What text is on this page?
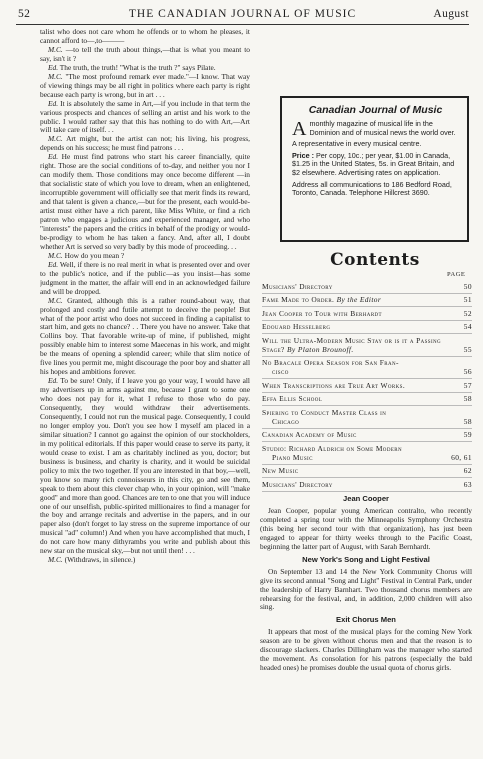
52	THE CANADIAN JOURNAL OF MUSIC	August

talist who does not care whom he offends or to whom he pleases, it cannot afford to—,to———

M.C. —to tell the truth about things,—that is what you meant to say, isn't it ?

Ed. The truth, the truth! "What is the truth ?" says Pilate.

M.C. "The most profound remark ever made."—I know. That way of viewing things may be all right in politics where each party is right because each party is wrong, but in art . . .

Ed. It is absolutely the same in Art,—if you include in that term the various prospects and chances of selling an artist and his work to the public. I would rather say that this has nothing to do with Art,—Art will take care of itself. . .

M.C. Art might, but the artist can not; his living, his progress, depends on his success; he must find patrons . . .

Ed. He must find patrons who start his career financially, quite right. Those are the social conditions of to-day, and neither you nor I can modify them. Those conditions may once become different —in that socialistic state of which you love to dream, when an enlightened, incorruptible government will officially see that merit finds its reward, and that talent is given a chance,—but for the present, each would-be-artist must either have a rich parent, like Miss White, or find a rich patron who engages a judicious and experienced manager, and who "interests" the papers and the critics in behalf of the prodigy or would-be-prodigy to whom he has taken a fancy. And, after all, I doubt whether Art is served so very badly by this mode of proceeding. . .

M.C. How do you mean ?

Ed. Well, if there is no real merit in what is presented over and over to the public's notice, and if the public—as you insist—has some judgment in the matter, the affair will end in an acknowledged failure and will be dropped.

M.C. Granted, although this is a rather round-about way, that prolonged and costly and futile attempt to deceive the people! But what of the poor artist who does not succeed in finding a capitalist to start him, and gets no chance? . . There you have no answer. Take that Collins boy. That favorable write-up of mine, if published, might possibly enable him to interest some Maecenas in his work, and might be the means of opening a splendid career; while that slim notice of five lines you permit me, might discourage the poor boy and shatter all his hopes and ambitions forever.

Ed. To be sure! Only, if I leave you go your way, I would have all my advertisers up in arms against me, because I grant to some one who does not pay for it, what I refuse to those who do pay. Consequently, they would withdraw their advertisements. Consequently, I could not run the musical page. Consequently, I could no longer employ you. Don't you see how I myself am placed in a similar situation? I cannot go against the opinion of our stockholders, in my political editorials. If this paper would cease to serve its party, it would cease to exist. I am as charitably inclined as you, doctor; but business is business, and charity is charity, and it would be suicidal policy to mix the two together. If you are interested in that boy,—well, you know so many rich connoisseurs in this city, go and see them, speak to them about this clever chap who, in your opinion, will "make good" and more than good. Chances are ten to one that you will induce one of our unselfish, public-spirited millionaires to find a manager for the boy and arrange recitals and advertise in the papers, and in our paper also (don't forget to lay stress on the supreme importance of our musical "ad" column!) And when you have accomplished that much, I do not care how many dithyrambs you write and publish about this new star on the musical sky,—but not until then! . . .

M.C. (Withdraws, in silence.)

Canadian Journal of Music

A monthly magazine of musical life in the Dominion and of musical news the world over.

A representative in every musical centre.

Price : Per copy, 10c.; per year, $1.00 in Canada, $1.25 in the United States, 5s. in Great Britain, and $2 elsewhere. Advertising rates on application.

Address all communications to 186 Bedford Road, Toronto, Canada. Telephone Hillcrest 3690.

Contents
PAGE
Musicians' Directory	50
Fame Made to Order. By the Editor	51
Jean Cooper to Tour with Berhardt	52
Edouard Hesselberg	54
Will the Ultra-Modern Music Stay or is it a Passing Stage? By Platon Brounoff.	55
No Bracale Opera Season for San Fran-
cisco	56
When Transcriptions are True Art Works.	57
Effa Ellis School	58
Spiering to Conduct Master Class in
Chicago	58
Canadian Academy of Music	59
Studio: Richard Aldrich on Some Modern
Piano Music	60, 61
New Music	62
Musicians' Directory	63
Jean Cooper

Jean Cooper, popular young American contralto, who recently completed a spring tour with the Minneapolis Symphony Orchestra (this being her second tour with that organization), has just been engaged to appear for thirty weeks through to the Pacific Coast, beginning the latter part of August, with Sarah Bernhardt.

New York's Song and Light Festival

On September 13 and 14 the New York Community Chorus will give its second annual "Song and Light" Festival in Central Park, under the leadership of Harry Barnhart. Two thousand chorus members are rehearsing for the festival, and, in addition, 2,000 children will also sing.

Exit Chorus Men

It appears that most of the musical plays for the coming New York season are to be given without chorus men and that the reason is to discourage slackers. Charles Dillingham was the manager who started the movement. As consolation for his patrons (especially the bald headed ones) he promises double the usual quota of chorus girls.
